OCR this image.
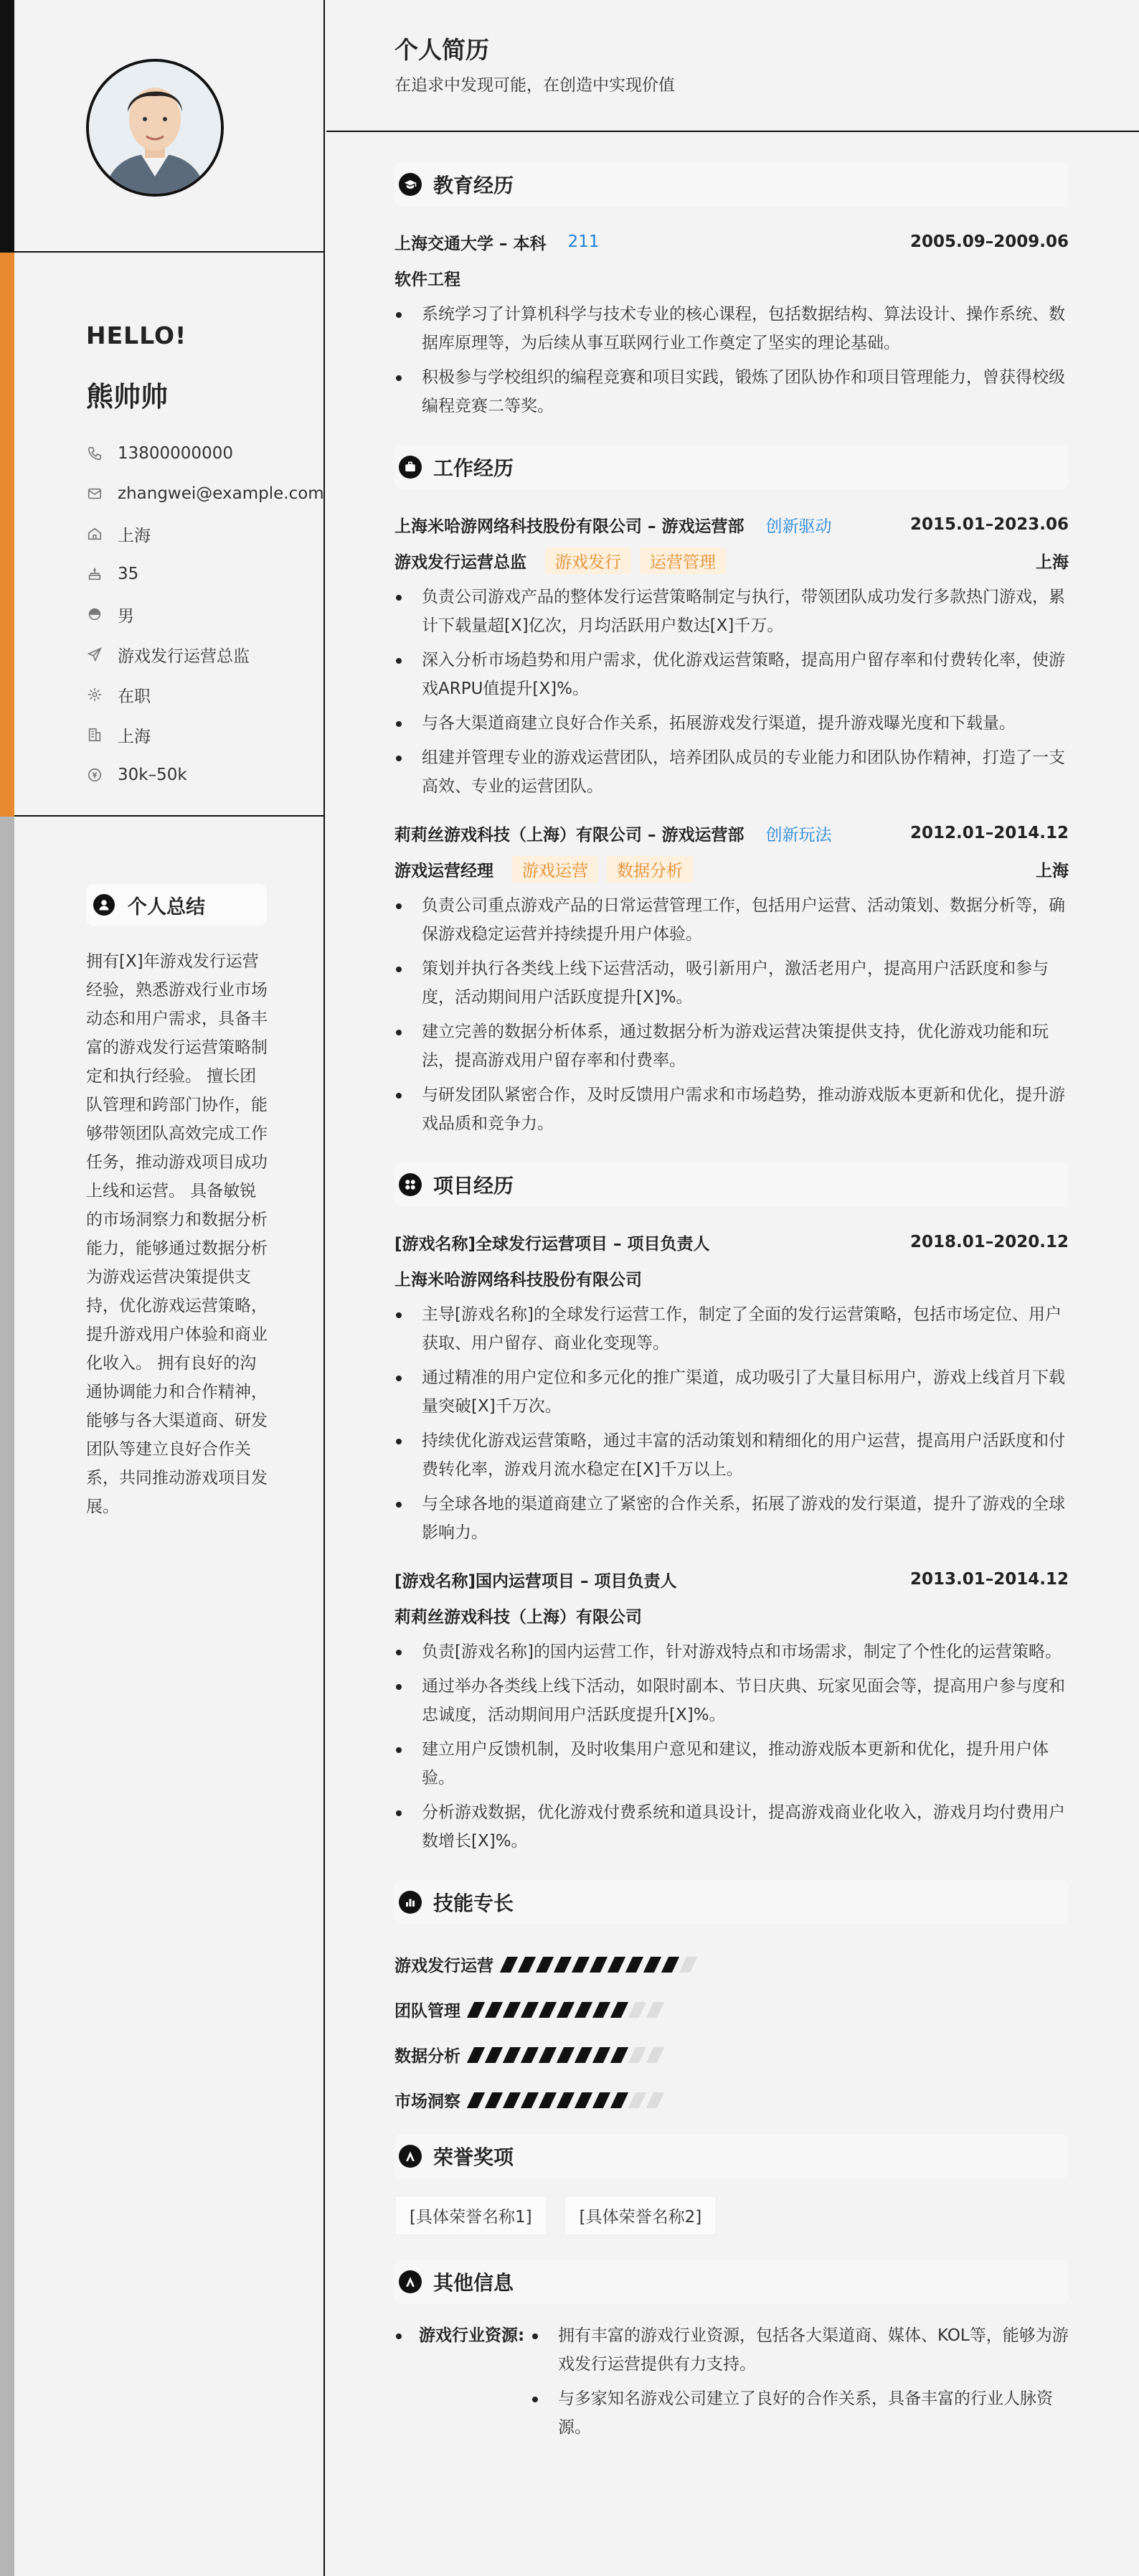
HELLO!
熊帅帅
13800000000
zhangwei@example.com
上海
35
男
游戏发行运营总监
在职
上海
30k–50k
个人总结

拥有[X]年游戏发行运营经验，熟悉游戏行业市场动态和用户需求，具备丰富的游戏发行运营策略制定和执行经验。 擅长团队管理和跨部门协作，能够带领团队高效完成工作任务，推动游戏项目成功上线和运营。 具备敏锐的市场洞察力和数据分析能力，能够通过数据分析为游戏运营决策提供支持，优化游戏运营策略，提升游戏用户体验和商业化收入。 拥有良好的沟通协调能力和合作精神，能够与各大渠道商、研发团队等建立良好合作关系，共同推动游戏项目发展。

个人简历
在追求中发现可能，在创造中实现价值
教育经历
上海交通大学 – 本科 211	2005.09–2009.06
软件工程
系统学习了计算机科学与技术专业的核心课程，包括数据结构、算法设计、操作系统、数据库原理等，为后续从事互联网行业工作奠定了坚实的理论基础。
积极参与学校组织的编程竞赛和项目实践，锻炼了团队协作和项目管理能力，曾获得校级编程竞赛二等奖。
工作经历
上海米哈游网络科技股份有限公司 – 游戏运营部 创新驱动	2015.01–2023.06
游戏发行运营总监	游戏发行	运营管理	上海
负责公司游戏产品的整体发行运营策略制定与执行，带领团队成功发行多款热门游戏，累计下载量超[X]亿次，月均活跃用户数达[X]千万。
深入分析市场趋势和用户需求，优化游戏运营策略，提高用户留存率和付费转化率，使游戏ARPU值提升[X]%。
与各大渠道商建立良好合作关系，拓展游戏发行渠道，提升游戏曝光度和下载量。
组建并管理专业的游戏运营团队，培养团队成员的专业能力和团队协作精神，打造了一支高效、专业的运营团队。
莉莉丝游戏科技（上海）有限公司 – 游戏运营部 创新玩法	2012.01–2014.12
游戏运营经理	游戏运营	数据分析	上海
负责公司重点游戏产品的日常运营管理工作，包括用户运营、活动策划、数据分析等，确保游戏稳定运营并持续提升用户体验。
策划并执行各类线上线下运营活动，吸引新用户，激活老用户，提高用户活跃度和参与度，活动期间用户活跃度提升[X]%。
建立完善的数据分析体系，通过数据分析为游戏运营决策提供支持，优化游戏功能和玩法，提高游戏用户留存率和付费率。
与研发团队紧密合作，及时反馈用户需求和市场趋势，推动游戏版本更新和优化，提升游戏品质和竞争力。
项目经历
[游戏名称]全球发行运营项目 – 项目负责人	2018.01–2020.12
上海米哈游网络科技股份有限公司
主导[游戏名称]的全球发行运营工作，制定了全面的发行运营策略，包括市场定位、用户获取、用户留存、商业化变现等。
通过精准的用户定位和多元化的推广渠道，成功吸引了大量目标用户，游戏上线首月下载量突破[X]千万次。
持续优化游戏运营策略，通过丰富的活动策划和精细化的用户运营，提高用户活跃度和付费转化率，游戏月流水稳定在[X]千万以上。
与全球各地的渠道商建立了紧密的合作关系，拓展了游戏的发行渠道，提升了游戏的全球影响力。
[游戏名称]国内运营项目 – 项目负责人	2013.01–2014.12
莉莉丝游戏科技（上海）有限公司
负责[游戏名称]的国内运营工作，针对游戏特点和市场需求，制定了个性化的运营策略。
通过举办各类线上线下活动，如限时副本、节日庆典、玩家见面会等，提高用户参与度和忠诚度，活动期间用户活跃度提升[X]%。
建立用户反馈机制，及时收集用户意见和建议，推动游戏版本更新和优化，提升用户体验。
分析游戏数据，优化游戏付费系统和道具设计，提高游戏商业化收入，游戏月均付费用户数增长[X]%。
技能专长
游戏发行运营
团队管理
数据分析
市场洞察
荣誉奖项
[具体荣誉名称1]	[具体荣誉名称2]
其他信息
游戏行业资源:	拥有丰富的游戏行业资源，包括各大渠道商、媒体、KOL等，能够为游戏发行运营提供有力支持。
与多家知名游戏公司建立了良好的合作关系，具备丰富的行业人脉资源。
